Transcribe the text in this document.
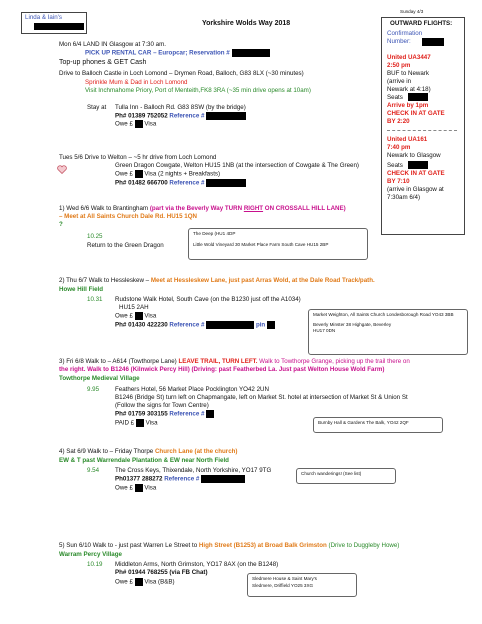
Linda & Iain's
Yorkshire Wolds Way 2018
Sunday 4/3
OUTWARD FLIGHTS:
Confirmation
Number:
United UA3447
2:50 pm
BUF to Newark
(arrive in
Newark at 4:18)
Seats
Arrive by 1pm
CHECK IN AT GATE
BY 2:20
United UA161
7:40 pm
Newark to Glasgow
Seats
CHECK IN AT GATE
BY 7:10
(arrive in Glasgow at
7:30am 6/4)
Mon 6/4 LAND IN Glasgow at 7:30 am.
PICK UP RENTAL CAR – Europcar; Reservation #
Top-up phones & GET Cash
Drive to Balloch Castle in Loch Lomond – Drymen Road, Balloch, G83 8LX (~30 minutes)
Sprinkle Mum & Dad in Loch Lomond
Visit Inchmahome Priory, Port of Menteith,FK8 3RA (~35 min drive opens at 10am)
Stay at Tulla Inn - Balloch Rd. G83 8SW (by the bridge)
Ph# 01389 752052 Reference #
Owe £ Visa
Tues 5/6 Drive to Welton – ~5 hr drive from Loch Lomond
Green Dragon Cowgate, Welton HU15 1NB (at the intersection of Cowgate & The Green)
Owe £ Visa (2 nights + Breakfasts)
Ph# 01482 666700 Reference #
1) Wed 6/6 Walk to Brantingham (part via the Beverly Way TURN RIGHT ON CROSSALL HILL LANE)
– Meet at All Saints Church Dale Rd. HU15 1QN
?
10.25
Return to the Green Dragon
The Deep (HU1 4DP
Little Wold Vineyard 30 Market Place Farm South Cave HU15 2BP
2) Thu 6/7 Walk to Hessleskew – Meet at Hessleskew Lane, just past Arras Wold, at the Dale Road Track/path.
Howe Hill Field
10.31 Rudstone Walk Hotel, South Cave (on the B1230 just off the A1034)
HU15 2AH
Owe £ Visa
Ph# 01430 422230 Reference #	pin
Market Weighton, All Saints Church Londesborough Road YO43 3BB
Beverly Minster 38 Highgate, Beverley
HU17 0DN
3) Fri 6/8 Walk to – A614 (Towthorpe Lane) LEAVE TRAIL, TURN LEFT. Walk to Towthorpe Grange, picking up the trail there on
the right. Walk to B1246 (Kilnwick Percy Hill) (Driving: past Featherbed La. Just past Welton House Wold Farm)
Towthorpe Medieval Village
9.95	Feathers Hotel, 56 Market Place Pocklington YO42 2UN
B1246 (Bridge St) turn left on Chapmangate, left on Market St. hotel at intersection of Market St & Union St
(Follow the signs for Town Centre)
Ph# 01759 303155 Reference #
PAID £ Visa	Burnby Hall & Gardens The Balk, YO42 2QF
4) Sat 6/9 Walk to – Friday Thorpe Church Lane (at the church)
EW & T past Warrendale Plantation & EW near North Field
9.54	The Cross Keys, Thixendale, North Yorkshire, YO17 9TG
Ph01377 288272 Reference #
Owe £ Visa
Church wanderings! (See list)
5) Sun 6/10 Walk to - just past Warren Le Street to High Street (B1253) at Broad Balk Grimston (Drive to Duggleby Howe)
Warram Percy Village
10.19 Middleton Arms, North Grimston, YO17 8AX (on the B1248)
Ph# 01944 768255 (via FB Chat)
Owe £ Visa (B&B)
Sledmere House & Saint Mary's
Sledmere, Driffield YO25 3XG
